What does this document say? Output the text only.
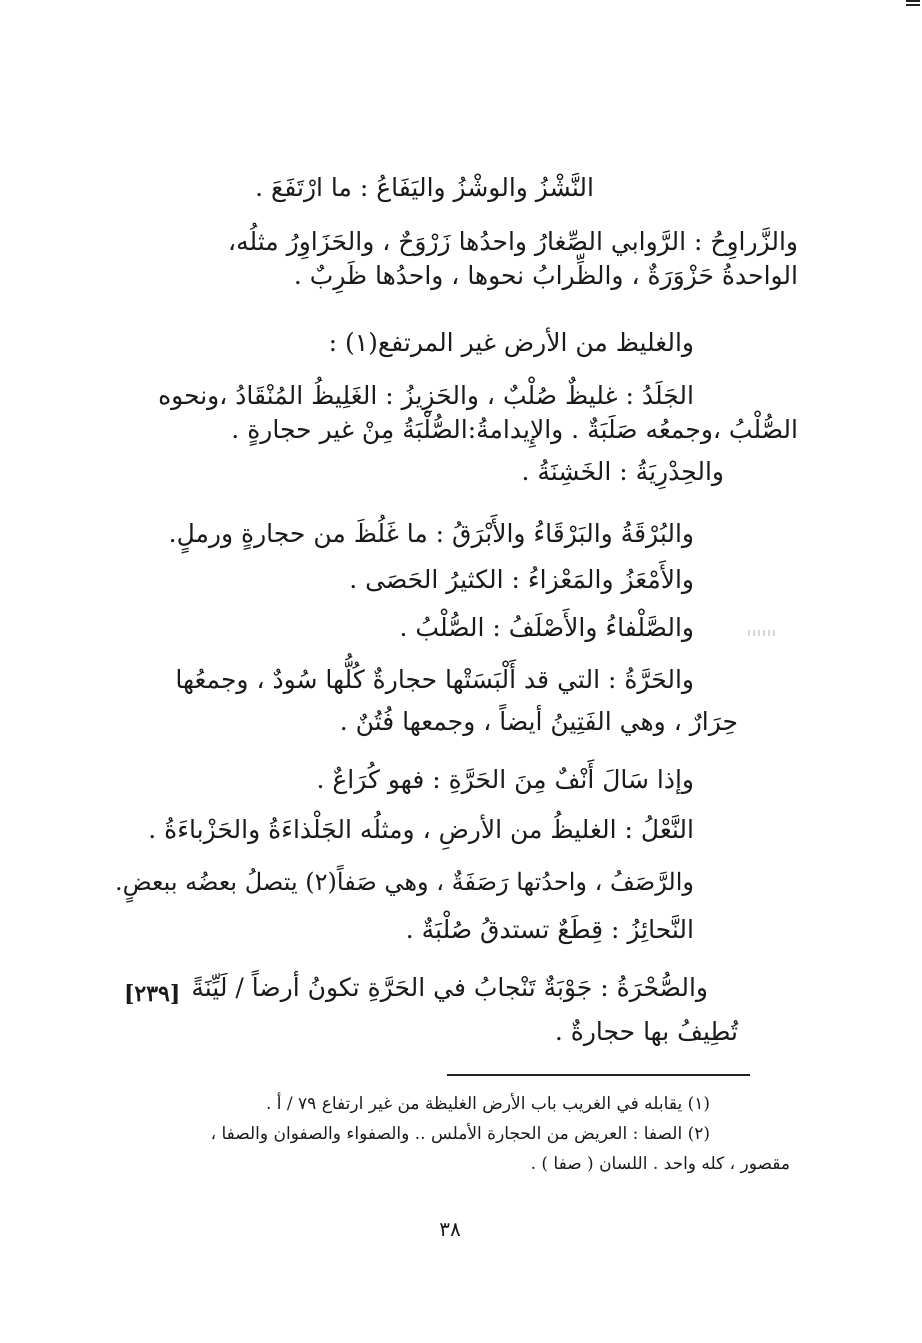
النَّشْزُ والوشْزُ واليَفَاعُ : ما ارْتَفَعَ .
والزَّراوِحُ : الرَّوابي الصِّغارُ واحدُها زَرْوَحٌ ، والحَزَاوِرُ مثلُه،
الواحدةُ حَزْوَرَةٌ ، والظِّرابُ نحوها ، واحدُها ظَرِبٌ .
والغليظ من الأرض غير المرتفع(١) :
الجَلَدُ : غليظٌ صُلْبٌ ، والحَزِيزُ : الغَلِيظُ المُنْقَادُ ،ونحوه
الصُّلْبُ ،وجمعُه صَلَبَةٌ . والإِيدامةُ:الصُّلْبَةُ مِنْ غير حجارةٍ .
والحِدْرِيَةُ : الخَشِنَةُ .
والبُرْقَةُ والبَرْقَاءُ والأَبْرَقُ : ما غَلُظَ من حجارةٍ ورملٍ.
والأَمْعَزُ والمَعْزاءُ : الكثيرُ الحَصَى .
والصَّلْفاءُ والأَصْلَفُ : الصُّلْبُ .
والحَرَّةُ : التي قد أَلْبَسَتْها حجارةٌ كُلُّها سُودٌ ، وجمعُها
حِرَارٌ ، وهي الفَتِينُ أيضاً ، وجمعها فُتُنٌ .
وإذا سَالَ أَنْفٌ مِنَ الحَرَّةِ : فهو كُرَاعٌ .
النَّعْلُ : الغليظُ من الأرضِ ، ومثلُه الجَلْذاءَةُ والحَزْباءَةُ .
والرَّصَفُ ، واحدُتها رَصَفَةٌ ، وهي صَفاً(٢) يتصلُ بعضُه ببعضٍ.
النَّحائِزُ : قِطَعٌ تستدقُ صُلْبَةٌ .
والصُّحْرَةُ : جَوْبَةٌ تَنْجابُ في الحَرَّةِ تكونُ أرضاً / لَيِّنَةً
تُطِيفُ بها حجارةٌ .
[٢٣٩]
(١) يقابله في الغريب باب الأرض الغليظة من غير ارتفاع ٧٩ / أ .
(٢) الصفا : العريض من الحجارة الأملس .. والصفواء والصفوان والصفا ،
مقصور ، كله واحد . اللسان ( صفا ) .
٣٨
